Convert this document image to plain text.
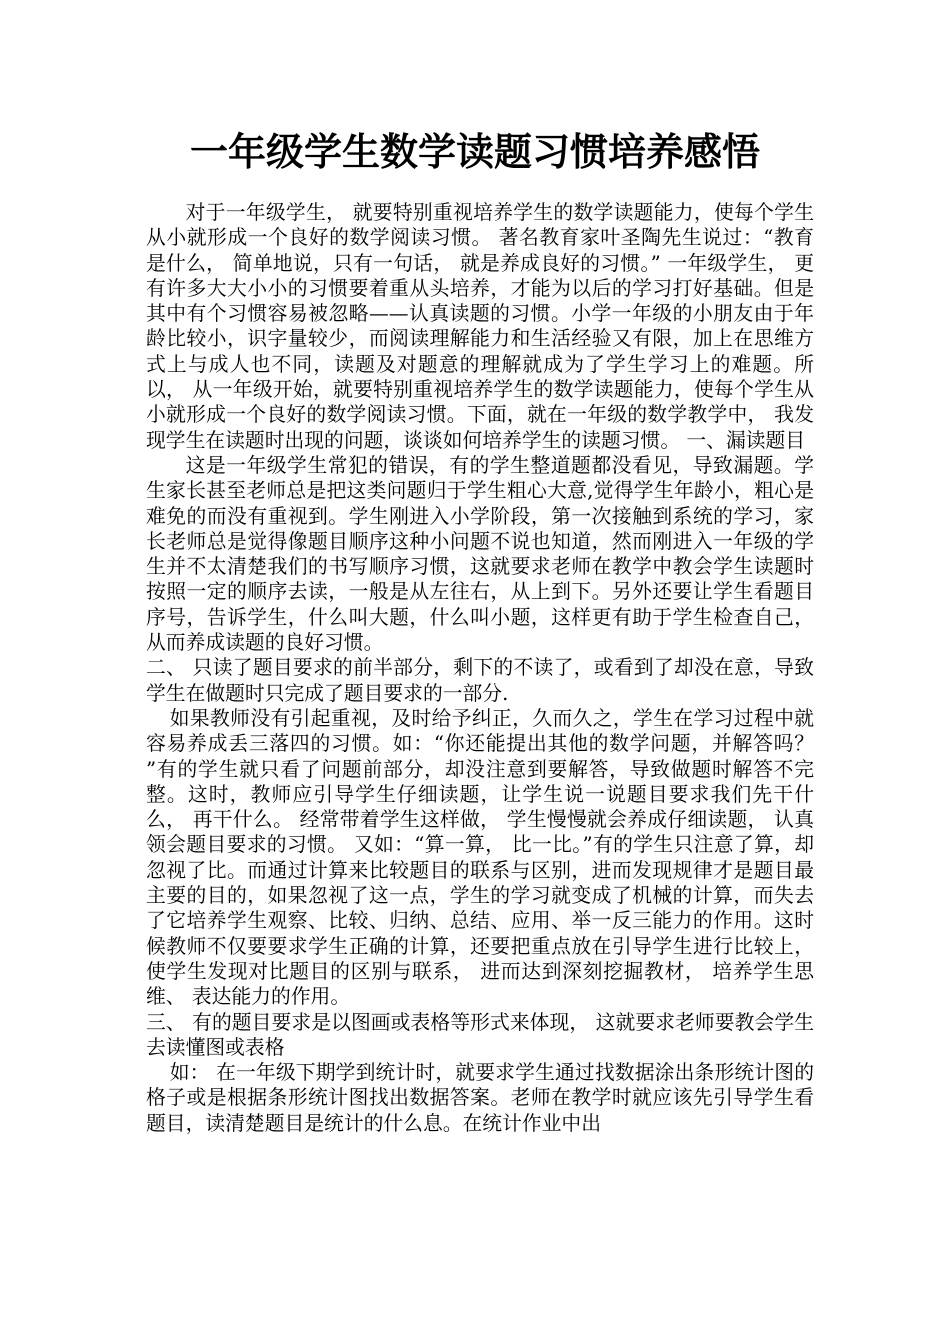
一年级学生数学读题习惯培养感悟

对于一年级学生， 就要特别重视培养学生的数学读题能力，使每个学生从小就形成一个良好的数学阅读习惯。 著名教育家叶圣陶先生说过：“教育是什么， 简单地说，只有一句话， 就是养成良好的习惯。” 一年级学生， 更有许多大大小小的习惯要着重从头培养，才能为以后的学习打好基础。但是其中有个习惯容易被忽略——认真读题的习惯。小学一年级的小朋友由于年龄比较小，识字量较少，而阅读理解能力和生活经验又有限，加上在思维方式上与成人也不同，读题及对题意的理解就成为了学生学习上的难题。所以， 从一年级开始，就要特别重视培养学生的数学读题能力，使每个学生从小就形成一个良好的数学阅读习惯。下面，就在一年级的数学教学中， 我发现学生在读题时出现的问题，谈谈如何培养学生的读题习惯。 一、漏读题目

这是一年级学生常犯的错误，有的学生整道题都没看见，导致漏题。学生家长甚至老师总是把这类问题归于学生粗心大意,觉得学生年龄小，粗心是难免的而没有重视到。学生刚进入小学阶段，第一次接触到系统的学习，家长老师总是觉得像题目顺序这种小问题不说也知道，然而刚进入一年级的学生并不太清楚我们的书写顺序习惯，这就要求老师在教学中教会学生读题时按照一定的顺序去读，一般是从左往右，从上到下。另外还要让学生看题目序号，告诉学生，什么叫大题，什么叫小题，这样更有助于学生检查自己，从而养成读题的良好习惯。

二、 只读了题目要求的前半部分，剩下的不读了，或看到了却没在意，导致学生在做题时只完成了题目要求的一部分.

如果教师没有引起重视，及时给予纠正，久而久之，学生在学习过程中就容易养成丢三落四的习惯。如：“你还能提出其他的数学问题，并解答吗？ ”有的学生就只看了问题前部分，却没注意到要解答，导致做题时解答不完整。这时，教师应引导学生仔细读题，让学生说一说题目要求我们先干什么， 再干什么。 经常带着学生这样做， 学生慢慢就会养成仔细读题， 认真领会题目要求的习惯。 又如：“算一算， 比一比。”有的学生只注意了算，却忽视了比。而通过计算来比较题目的联系与区别，进而发现规律才是题目最主要的目的，如果忽视了这一点，学生的学习就变成了机械的计算，而失去了它培养学生观察、比较、归纳、总结、应用、举一反三能力的作用。这时候教师不仅要要求学生正确的计算，还要把重点放在引导学生进行比较上，使学生发现对比题目的区别与联系， 进而达到深刻挖掘教材， 培养学生思维、 表达能力的作用。

三、 有的题目要求是以图画或表格等形式来体现， 这就要求老师要教会学生去读懂图或表格

如： 在一年级下期学到统计时，就要求学生通过找数据涂出条形统计图的格子或是根据条形统计图找出数据答案。老师在教学时就应该先引导学生看题目，读清楚题目是统计的什么息。在统计作业中出
